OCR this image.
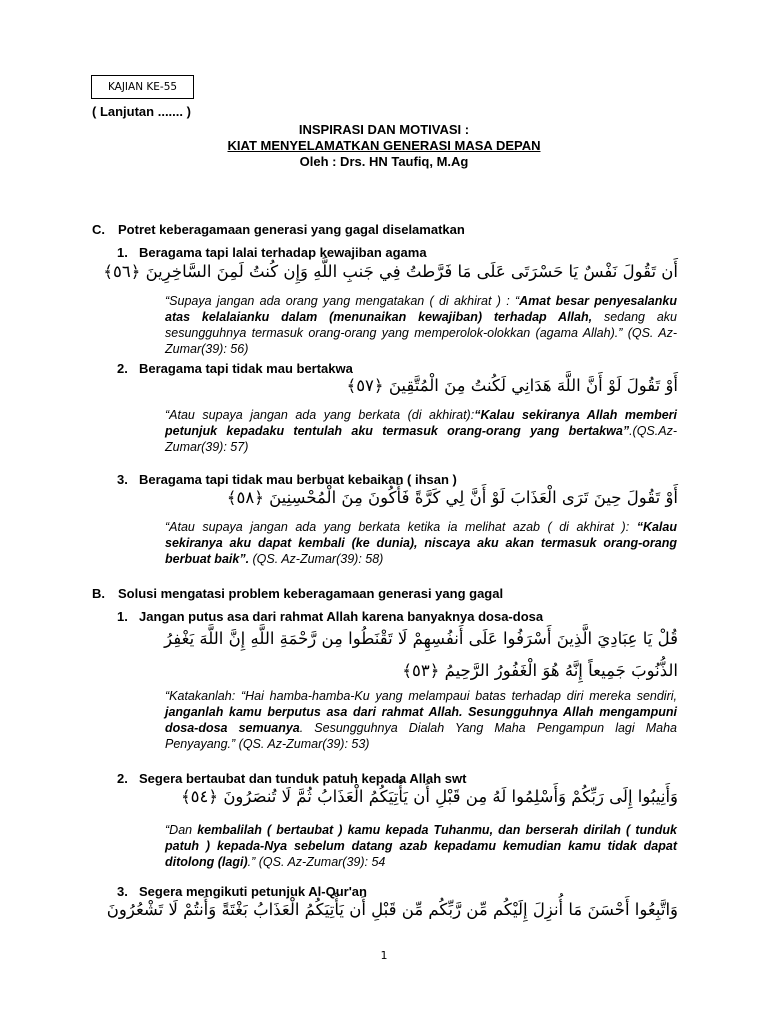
KAJIAN KE-55
( Lanjutan ....... )
INSPIRASI DAN MOTIVASI :
KIAT MENYELAMATKAN GENERASI MASA DEPAN
Oleh : Drs. HN Taufiq, M.Ag
C. Potret keberagamaan generasi yang gagal diselamatkan
1. Beragama tapi lalai terhadap kewajiban agama
أَن تَقُولَ نَفْسٌ يَا حَسْرَتَى عَلَى مَا فَرَّطتُ فِي جَنبِ اللَّهِ وَإِن كُنتُ لَمِنَ السَّاخِرِينَ ﴿٥٦﴾
“Supaya jangan ada orang yang mengatakan ( di akhirat ) : “Amat besar penyesalanku atas kelalaianku dalam (menunaikan kewajiban) terhadap Allah, sedang aku sesungguhnya termasuk orang-orang yang memperolok-olokkan (agama Allah).” (QS. Az-Zumar(39): 56)
2. Beragama tapi tidak mau bertakwa
أَوْ تَقُولَ لَوْ أَنَّ اللَّهَ هَدَانِي لَكُنتُ مِنَ الْمُتَّقِينَ ﴿٥٧﴾
“Atau supaya jangan ada yang berkata (di akhirat):“Kalau sekiranya Allah memberi petunjuk kepadaku tentulah aku termasuk orang-orang yang bertakwa”.(QS.Az-Zumar(39): 57)
3. Beragama tapi tidak mau berbuat kebaikan ( ihsan )
أَوْ تَقُولَ حِينَ تَرَى الْعَذَابَ لَوْ أَنَّ لِي كَرَّةً فَأَكُونَ مِنَ الْمُحْسِنِينَ ﴿٥٨﴾
“Atau supaya jangan ada yang berkata ketika ia melihat azab ( di akhirat ): “Kalau sekiranya aku dapat kembali (ke dunia), niscaya aku akan termasuk orang-orang berbuat baik”. (QS. Az-Zumar(39): 58)
B. Solusi mengatasi problem keberagamaan generasi yang gagal
1. Jangan putus asa dari rahmat Allah karena banyaknya dosa-dosa
قُلْ يَا عِبَادِيَ الَّذِينَ أَسْرَفُوا عَلَى أَنفُسِهِمْ لَا تَقْنَطُوا مِن رَّحْمَةِ اللَّهِ إِنَّ اللَّهَ يَغْفِرُ الذُّنُوبَ جَمِيعاً إِنَّهُ هُوَ الْغَفُورُ الرَّحِيمُ ﴿٥٣﴾
“Katakanlah: “Hai hamba-hamba-Ku yang melampaui batas terhadap diri mereka sendiri, janganlah kamu berputus asa dari rahmat Allah. Sesungguhnya Allah mengampuni dosa-dosa semuanya. Sesungguhnya Dialah Yang Maha Pengampun lagi Maha Penyayang.” (QS. Az-Zumar(39): 53)
2. Segera bertaubat dan tunduk patuh kepada Allah swt
وَأَنِيبُوا إِلَى رَبِّكُمْ وَأَسْلِمُوا لَهُ مِن قَبْلِ أَن يَأْتِيَكُمُ الْعَذَابُ ثُمَّ لَا تُنصَرُونَ ﴿٥٤﴾
“Dan kembalilah ( bertaubat ) kamu kepada Tuhanmu, dan berserah dirilah ( tunduk patuh ) kepada-Nya sebelum datang azab kepadamu kemudian kamu tidak dapat ditolong (lagi).” (QS. Az-Zumar(39): 54
3. Segera mengikuti petunjuk Al-Qur'an
وَاتَّبِعُوا أَحْسَنَ مَا أُنزِلَ إِلَيْكُم مِّن رَّبِّكُم مِّن قَبْلِ أَن يَأْتِيَكُمُ الْعَذَابُ بَغْتَةً وَأَنتُمْ لَا تَشْعُرُونَ
1
